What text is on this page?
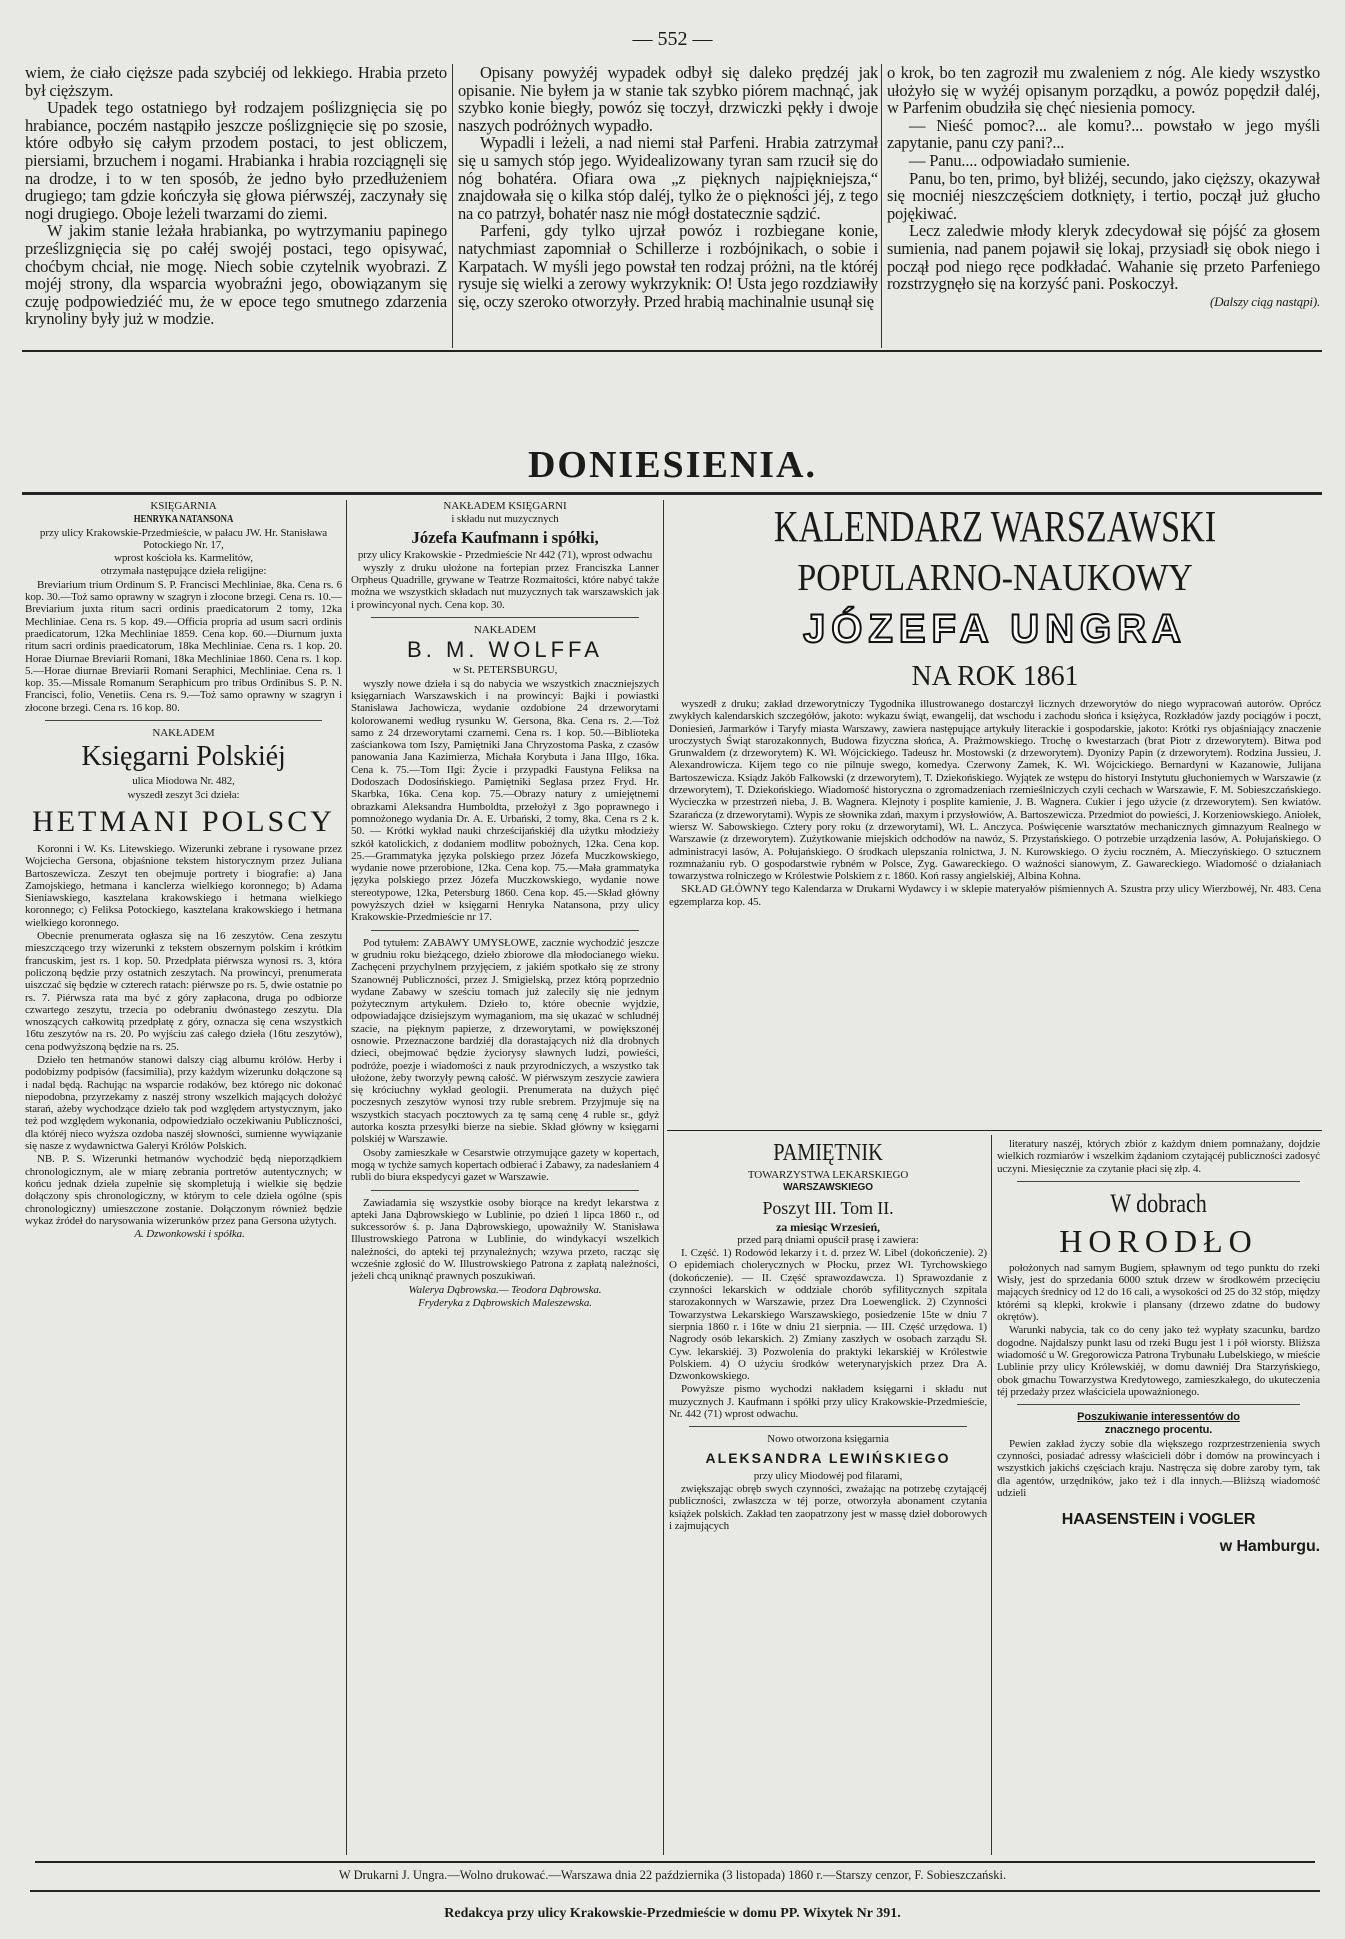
— 552 —

wiem, że ciało cięższe pada szybciéj od lekkiego. Hrabia przeto był cięższym.

Upadek tego ostatniego był rodzajem poślizgnięcia się po hrabiance, poczém nastąpiło jeszcze poślizgnięcie się po szosie, które odbyło się całym przodem postaci, to jest obliczem, piersiami, brzuchem i nogami. Hrabianka i hrabia rozciągnęli się na drodze, i to w ten sposób, że jedno było przedłużeniem drugiego; tam gdzie kończyła się głowa piérwszéj, zaczynały się nogi drugiego. Oboje leżeli twarzami do ziemi.

W jakim stanie leżała hrabianka, po wytrzymaniu papinego prześlizgnięcia się po całéj swojéj postaci, tego opisywać, choćbym chciał, nie mogę. Niech sobie czytelnik wyobrazi. Z mojéj strony, dla wsparcia wyobraźni jego, obowiązanym się czuję podpowiedziéć mu, że w epoce tego smutnego zdarzenia krynoliny były już w modzie.

Opisany powyżéj wypadek odbył się daleko prędzéj jak opisanie. Nie byłem ja w stanie tak szybko piórem machnąć, jak szybko konie biegły, powóz się toczył, drzwiczki pękły i dwoje naszych podróżnych wypadło.

Wypadli i leżeli, a nad niemi stał Parfeni. Hrabia zatrzymał się u samych stóp jego. Wyidealizowany tyran sam rzucił się do nóg bohatéra. Ofiara owa „z pięknych najpiękniejsza,“ znajdowała się o kilka stóp daléj, tylko że o piękności jéj, z tego na co patrzył, bohatér nasz nie mógł dostatecznie sądzić.

Parfeni, gdy tylko ujrzał powóz i rozbiegane konie, natychmiast zapomniał o Schillerze i rozbójnikach, o sobie i Karpatach. W myśli jego powstał ten rodzaj próżni, na tle któréj rysuje się wielki a zerowy wykrzyknik: O! Usta jego rozdziawiły się, oczy szeroko otworzyły. Przed hrabią machinalnie usunął się

o krok, bo ten zagroził mu zwaleniem z nóg. Ale kiedy wszystko ułożyło się w wyżéj opisanym porządku, a powóz popędził daléj, w Parfenim obudziła się chęć niesienia pomocy.

— Nieść pomoc?... ale komu?... powstało w jego myśli zapytanie, panu czy pani?...

— Panu.... odpowiadało sumienie.

Panu, bo ten, primo, był bliżéj, secundo, jako cięższy, okazywał się mocniéj nieszczęściem dotknięty, i tertio, począł już głucho pojękiwać.

Lecz zaledwie młody kleryk zdecydował się pójść za głosem sumienia, nad panem pojawił się lokaj, przysiadł się obok niego i począł pod niego ręce podkładać. Wahanie się przeto Parfeniego rozstrzygnęło się na korzyść pani. Poskoczył.

(Dalszy ciąg nastąpi).

DONIESIENIA.

KSIĘGARNIA

HENRYKA NATANSONA

przy ulicy Krakowskie-Przedmieście, w pałacu JW. Hr. Stanisława Potockiego Nr. 17,

wprost kościoła ks. Karmelitów,

otrzymała następujące dzieła religijne:

Breviarium trium Ordinum S. P. Francisci Mechliniae, 8ka. Cena rs. 6 kop. 30.—Toż samo oprawny w szagryn i złocone brzegi. Cena rs. 10.—Breviarium juxta ritum sacri ordinis praedicatorum 2 tomy, 12ka Mechliniae. Cena rs. 5 kop. 49.—Officia propria ad usum sacri ordinis praedicatorum, 12ka Mechliniae 1859. Cena kop. 60.—Diurnum juxta ritum sacri ordinis praedicatorum, 18ka Mechliniae. Cena rs. 1 kop. 20. Horae Diurnae Breviarii Romani, 18ka Mechliniae 1860. Cena rs. 1 kop. 5.—Horae diurnae Breviarii Romani Seraphici, Mechliniae. Cena rs. 1 kop. 35.—Missale Romanum Seraphicum pro tribus Ordinibus S. P. N. Francisci, folio, Venetiis. Cena rs. 9.—Toż samo oprawny w szagryn i złocone brzegi. Cena rs. 16 kop. 80.

NAKŁADEM

Księgarni Polskiéj

ulica Miodowa Nr. 482,

wyszedł zeszyt 3ci dzieła:

HETMANI POLSCY

Koronni i W. Ks. Litewskiego. Wizerunki zebrane i rysowane przez Wojciecha Gersona, objaśnione tekstem historycznym przez Juliana Bartoszewicza. Zeszyt ten obejmuje portrety i biografie: a) Jana Zamojskiego, hetmana i kanclerza wielkiego koronnego; b) Adama Sieniawskiego, kasztelana krakowskiego i hetmana wielkiego koronnego; c) Feliksa Potockiego, kasztelana krakowskiego i hetmana wielkiego koronnego.

Obecnie prenumerata ogłasza się na 16 zeszytów. Cena zeszytu mieszczącego trzy wizerunki z tekstem obszernym polskim i krótkim francuskim, jest rs. 1 kop. 50. Przedpłata piérwsza wynosi rs. 3, która policzoną będzie przy ostatnich zeszytach. Na prowincyi, prenumerata uiszczać się będzie w czterech ratach: piérwsze po rs. 5, dwie ostatnie po rs. 7. Piérwsza rata ma być z góry zapłacona, druga po odbiorze czwartego zeszytu, trzecia po odebraniu dwónastego zeszytu. Dla wnoszących całkowitą przedpłatę z góry, oznacza się cena wszystkich 16tu zeszytów na rs. 20. Po wyjściu zaś całego dzieła (16tu zeszytów), cena podwyższoną będzie na rs. 25.

Dzieło ten hetmanów stanowi dalszy ciąg albumu królów. Herby i podobizmy podpisów (facsimilia), przy każdym wizerunku dołączone są i nadal będą. Rachując na wsparcie rodaków, bez którego nic dokonać niepodobna, przyrzekamy z naszéj strony wszelkich mających dołożyć starań, ażeby wychodzące dzieło tak pod względem artystycznym, jako też pod względem wykonania, odpowiedziało oczekiwaniu Publiczności, dla któréj nieco wyższa ozdoba naszéj słowności, sumienne wywiązanie się nasze z wydawnictwa Galeryi Królów Polskich.

NB. P. S. Wizerunki hetmanów wychodzić będą nieporządkiem chronologicznym, ale w miarę zebrania portretów autentycznych; w końcu jednak dzieła zupełnie się skompletują i wielkie się będzie dołączony spis chronologiczny, w którym to cele dzieła ogólne (spis chronologiczny) umieszczone zostanie. Dołączonym również będzie wykaz źródeł do narysowania wizerunków przez pana Gersona użytych.

A. Dzwonkowski i spółka.

NAKŁADEM KSIĘGARNI

i składu nut muzycznych

Józefa Kaufmann i spółki,

przy ulicy Krakowskie - Przedmieście Nr 442 (71), wprost odwachu

wyszły z druku ułożone na fortepian przez Franciszka Lanner Orpheus Quadrille, grywane w Teatrze Rozmaitości, które nabyć także można we wszystkich składach nut muzycznych tak warszawskich jak i prowincyonal nych. Cena kop. 30.

NAKŁADEM

B. M. WOLFFA

w St. PETERSBURGU,

wyszły nowe dzieła i są do nabycia we wszystkich znaczniejszych księgarniach Warszawskich i na prowincyi: Bajki i powiastki Stanisława Jachowicza, wydanie ozdobione 24 drzeworytami kolorowanemi według rysunku W. Gersona, 8ka. Cena rs. 2.—Toż samo z 24 drzeworytami czarnemi. Cena rs. 1 kop. 50.—Biblioteka zaściankowa tom Iszy, Pamiętniki Jana Chryzostoma Paska, z czasów panowania Jana Kazimierza, Michała Korybuta i Jana IIIgo, 16ka. Cena k. 75.—Tom IIgi: Życie i przypadki Faustyna Feliksa na Dodoszach Dodosińskiego. Pamiętniki Seglasa przez Fryd. Hr. Skarbka, 16ka. Cena kop. 75.—Obrazy natury z umiejętnemi obrazkami Aleksandra Humboldta, przełożył z 3go poprawnego i pomnożonego wydania Dr. A. E. Urbański, 2 tomy, 8ka. Cena rs 2 k. 50. — Krótki wykład nauki chrześcijańskiéj dla użytku młodzieży szkół katolickich, z dodaniem modlitw pobożnych, 12ka. Cena kop. 25.—Grammatyka języka polskiego przez Józefa Muczkowskiego, wydanie nowe przerobione, 12ka. Cena kop. 75.—Mała grammatyka języka polskiego przez Józefa Muczkowskiego, wydanie nowe stereotypowe, 12ka, Petersburg 1860. Cena kop. 45.—Skład główny powyższych dzieł w księgarni Henryka Natansona, przy ulicy Krakowskie-Przedmieście nr 17.

Pod tytułem: ZABAWY UMYSŁOWE, zacznie wychodzić jeszcze w grudniu roku bieżącego, dzieło zbiorowe dla młodocianego wieku. Zachęceni przychylnem przyjęciem, z jakiém spotkało się ze strony Szanownéj Publiczności, przez J. Smigielską, przez którą poprzednio wydane Zabawy w sześciu tomach już zalecily się nie jednym pożytecznym artykułem. Dzieło to, które obecnie wyjdzie, odpowiadające dzisiejszym wymaganiom, ma się ukazać w schludnéj szacie, na pięknym papierze, z drzeworytami, w powiększonéj osnowie. Przeznaczone bardziéj dla dorastających niż dla drobnych dzieci, obejmować będzie życiorysy sławnych ludzi, powieści, podróże, poezje i wiadomości z nauk przyrodniczych, a wszystko tak ułożone, żeby tworzyły pewną całość. W piérwszym zeszycie zawiera się króciuchny wykład geologii. Prenumerata na dużych pięć poczesnych zeszytów wynosi trzy ruble srebrem. Przyjmuje się na wszystkich stacyach pocztowych za tę samą cenę 4 ruble sr., gdyż autorka koszta przesyłki bierze na siebie. Skład główny w księgarni polskiéj w Warszawie.

Osoby zamieszkałe w Cesarstwie otrzymujące gazety w kopertach, mogą w tychże samych kopertach odbierać i Zabawy, za nadesłaniem 4 rubli do biura ekspedycyi gazet w Warszawie.

Zawiadamia się wszystkie osoby biorące na kredyt lekarstwa z apteki Jana Dąbrowskiego w Lublinie, po dzień 1 lipca 1860 r., od sukcessorów ś. p. Jana Dąbrowskiego, upoważniły W. Stanisława Illustrowskiego Patrona w Lublinie, do windykacyi wszelkich należności, do apteki tej przynależnych; wzywa przeto, racząc się wcześnie zgłosić do W. Illustrowskiego Patrona z zapłatą należności, jeżeli chcą uniknąć prawnych poszukiwań.

Walerya Dąbrowska.— Teodora Dąbrowska.

Fryderyka z Dąbrowskich Maleszewska.

KALENDARZ WARSZAWSKI

POPULARNO-NAUKOWY

JÓZEFA UNGRA

NA ROK 1861

wyszedł z druku; zakład drzeworytniczy Tygodnika illustrowanego dostarczył licznych drzeworytów do niego wypracowań autorów. Oprócz zwykłych kalendarskich szczegółów, jakoto: wykazu świąt, ewangelij, dat wschodu i zachodu słońca i księżyca, Rozkładów jazdy pociągów i poczt, Doniesień, Jarmarków i Taryfy miasta Warszawy, zawiera następujące artykuły literackie i gospodarskie, jakoto: Krótki rys objaśniający znaczenie uroczystych Świąt starozakonnych, Budowa fizyczna słońca, A. Prażmowskiego. Trochę o kwestarzach (brat Piotr z drzeworytem). Bitwa pod Grunwaldem (z drzeworytem) K. Wł. Wójcickiego. Tadeusz hr. Mostowski (z drzeworytem). Dyonizy Papin (z drzeworytem). Rodzina Jussieu, J. Alexandrowicza. Kijem tego co nie pilnuje swego, komedya. Czerwony Zamek, K. Wł. Wójcickiego. Bernardyni w Kazanowie, Julijana Bartoszewicza. Ksiądz Jakób Falkowski (z drzeworytem), T. Dziekońskiego. Wyjątek ze wstępu do historyi Instytutu głuchoniemych w Warszawie (z drzeworytem), T. Dziekońskiego. Wiadomość historyczna o zgromadzeniach rzemieślniczych czyli cechach w Warszawie, F. M. Sobieszczańskiego. Wycieczka w przestrzeń nieba, J. B. Wagnera. Klejnoty i posplite kamienie, J. B. Wagnera. Cukier i jego użycie (z drzeworytem). Sen kwiatów. Szarańcza (z drzeworytami). Wypis ze słownika zdań, maxym i przysłowiów, A. Bartoszewicza. Przedmiot do powieści, J. Korzeniowskiego. Aniołek, wiersz W. Sabowskiego. Cztery pory roku (z drzeworytami), Wł. L. Anczyca. Poświęcenie warsztatów mechanicznych gimnazyum Realnego w Warszawie (z drzeworytem). Zużytkowanie miejskich odchodów na nawóz, S. Przystańskiego. O potrzebie urządzenia lasów, A. Połujańskiego. O administracyi lasów, A. Połujańskiego. O środkach ulepszania rolnictwa, J. N. Kurowskiego. O życiu roczném, A. Mieczyńskiego. O sztucznem rozmnażaniu ryb. O gospodarstwie rybném w Polsce, Zyg. Gawareckiego. O ważności sianowym, Z. Gawareckiego. Wiadomość o działaniach towarzystwa rolniczego w Królestwie Polskiem z r. 1860. Koń rassy angielskiéj, Albina Kohna.

SKŁAD GŁÓWNY tego Kalendarza w Drukarni Wydawcy i w sklepie materyałów piśmiennych A. Szustra przy ulicy Wierzbowéj, Nr. 483. Cena egzemplarza kop. 45.

PAMIĘTNIK

TOWARZYSTWA LEKARSKIEGO

WARSZAWSKIEGO

Poszyt III. Tom II.

za miesiąc Wrzesień,

przed parą dniami opuścił prasę i zawiera:

I. Część. 1) Rodowód lekarzy i t. d. przez W. Libel (dokończenie). 2) O epidemiach cholerycznych w Płocku, przez Wł. Tyrchowskiego (dokończenie). — II. Część sprawozdawcza. 1) Sprawozdanie z czynności lekarskich w oddziale chorób syfilitycznych szpitala starozakonnych w Warszawie, przez Dra Loewenglick. 2) Czynności Towarzystwa Lekarskiego Warszawskiego, posiedzenie 15te w dniu 7 sierpnia 1860 r. i 16te w dniu 21 sierpnia. — III. Część urzędowa. 1) Nagrody osób lekarskich. 2) Zmiany zaszłych w osobach zarządu Sł. Cyw. lekarskiéj. 3) Pozwolenia do praktyki lekarskiéj w Królestwie Polskiem. 4) O użyciu środków weterynaryjskich przez Dra A. Dzwonkowskiego.

Powyższe pismo wychodzi nakładem księgarni i składu nut muzycznych J. Kaufmann i spółki przy ulicy Krakowskie-Przedmieście, Nr. 442 (71) wprost odwachu.

Nowo otworzona księgarnia

ALEKSANDRA LEWIŃSKIEGO

przy ulicy Miodowéj pod filarami,

zwiększając obręb swych czynności, zważając na potrzebę czytającéj publiczności, zwłaszcza w téj porze, otworzyła abonament czytania książek polskich. Zakład ten zaopatrzony jest w massę dzieł doborowych i zajmujących

literatury naszéj, których zbiór z każdym dniem pomnażany, dojdzie wielkich rozmiarów i wszelkim żądaniom czytającéj publiczności zadosyć uczyni. Miesięcznie za czytanie płaci się złp. 4.

W dobrach

HORODŁO

położonych nad samym Bugiem, spławnym od tego punktu do rzeki Wisły, jest do sprzedania 6000 sztuk drzew w środkowém przecięciu mających średnicy od 12 do 16 cali, a wysokości od 25 do 32 stóp, między którémi są klepki, krokwie i plansany (drzewo zdatne do budowy okrętów).

Warunki nabycia, tak co do ceny jako też wypłaty szacunku, bardzo dogodne. Najdalszy punkt lasu od rzeki Bugu jest 1 i pół wiorsty. Bliższa wiadomość u W. Gregorowicza Patrona Trybunału Lubelskiego, w mieście Lublinie przy ulicy Królewskiéj, w domu dawniéj Dra Starzyńskiego, obok gmachu Towarzystwa Kredytowego, zamieszkałego, do ukuteczenia téj przedaży przez właściciela upoważnionego.

Poszukiwanie interessentów do

znacznego procentu.

Pewien zakład życzy sobie dla większego rozprzestrzenienia swych czynności, posiadać adressy właścicieli dóbr i domów na prowincyach i wszystkich jakichś częściach kraju. Nastręcza się dobre zaroby tym, tak dla agentów, urzędników, jako też i dla innych.—Bliższą wiadomość udzieli

HAASENSTEIN i VOGLER

w Hamburgu.

W Drukarni J. Ungra.—Wolno drukować.—Warszawa dnia 22 października (3 listopada) 1860 r.—Starszy cenzor, F. Sobieszczański.
Redakcya przy ulicy Krakowskie-Przedmieście w domu PP. Wixytek Nr 391.
